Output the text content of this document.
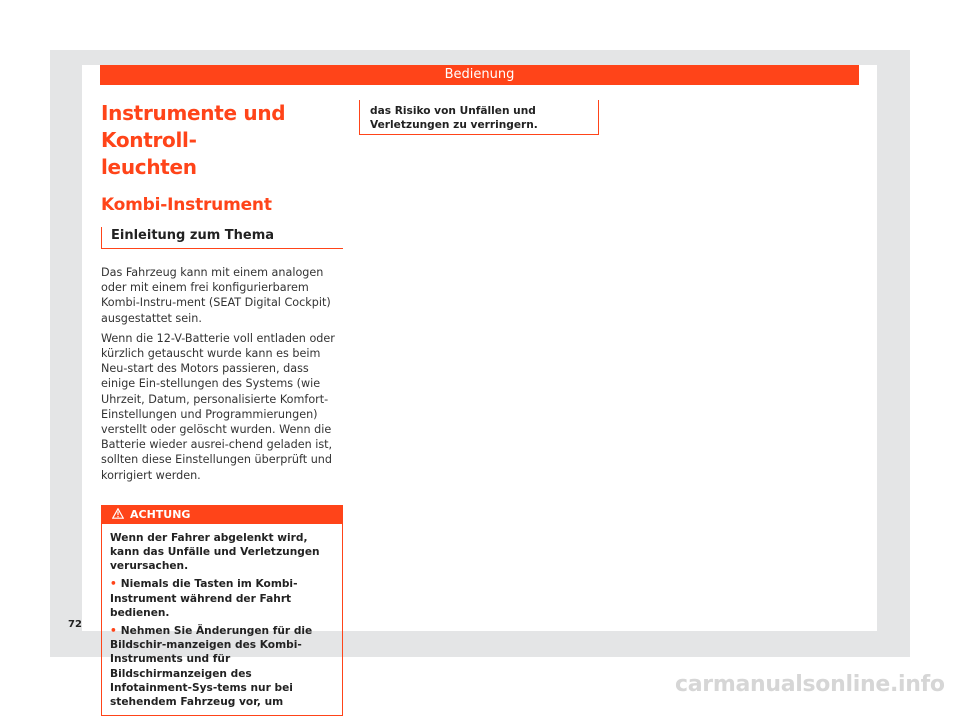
Bedienung
Instrumente und Kontroll-
leuchten
Kombi-Instrument
Einleitung zum Thema

Das Fahrzeug kann mit einem analogen oder mit einem frei konfigurierbarem Kombi-Instru-ment (SEAT Digital Cockpit) ausgestattet sein.

Wenn die 12-V-Batterie voll entladen oder kürzlich getauscht wurde kann es beim Neu-start des Motors passieren, dass einige Ein-stellungen des Systems (wie Uhrzeit, Datum, personalisierte Komfort-Einstellungen und Programmierungen) verstellt oder gelöscht wurden. Wenn die Batterie wieder ausrei-chend geladen ist, sollten diese Einstellungen überprüft und korrigiert werden.

ACHTUNG

Wenn der Fahrer abgelenkt wird, kann das Unfälle und Verletzungen verursachen.

• Niemals die Tasten im Kombi-Instrument während der Fahrt bedienen.

• Nehmen Sie Änderungen für die Bildschir-manzeigen des Kombi-Instruments und für Bildschirmanzeigen des Infotainment-Sys-tems nur bei stehendem Fahrzeug vor, um

das Risiko von Unfällen und Verletzungen zu verringern.
72
carmanualsonline.info
